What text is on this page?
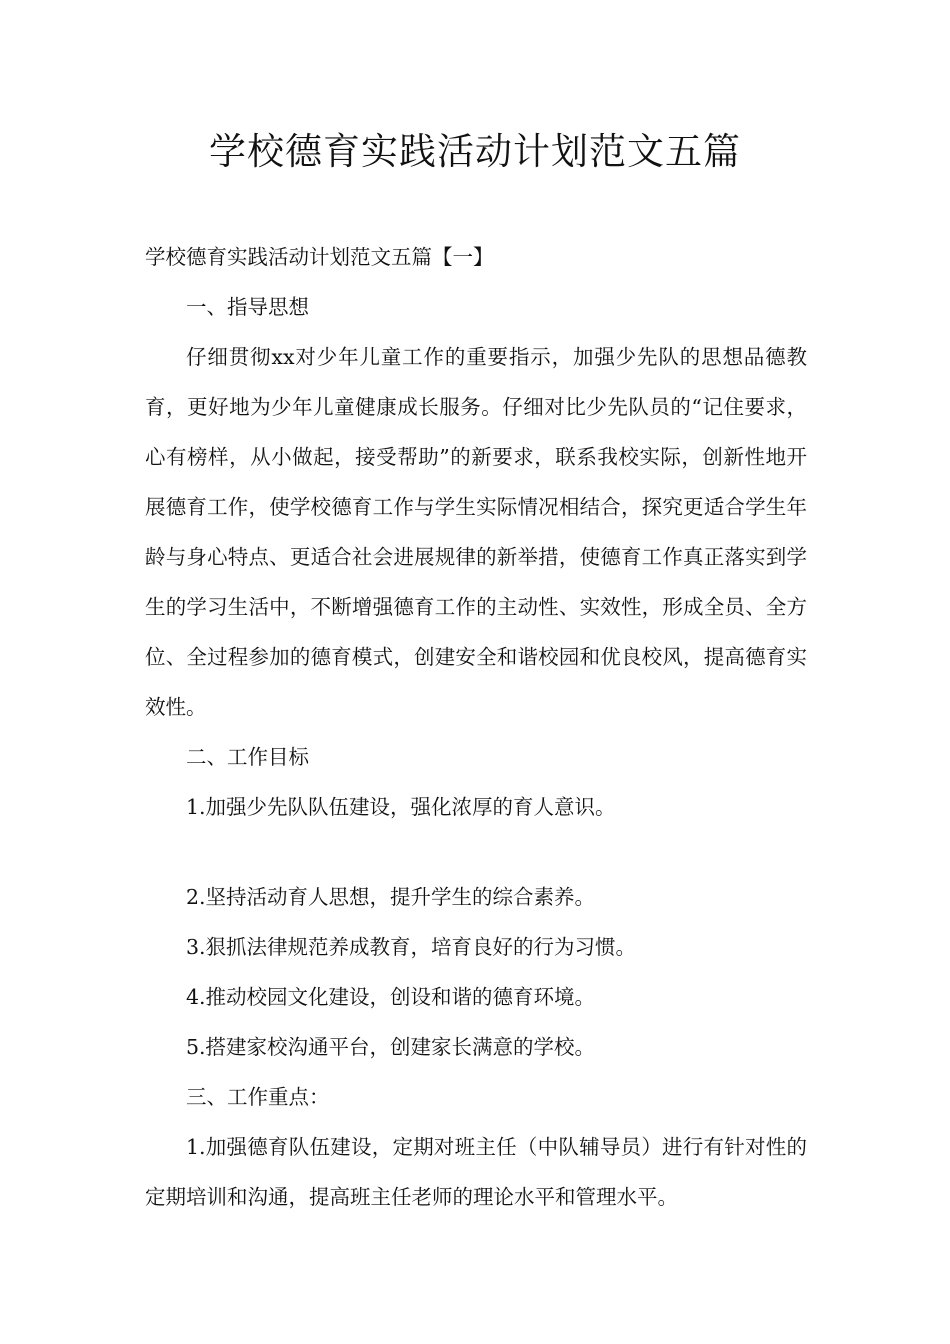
学校德育实践活动计划范文五篇

学校德育实践活动计划范文五篇【一】

一、指导思想

仔细贯彻xx对少年儿童工作的重要指示，加强少先队的思想品德教育，更好地为少年儿童健康成长服务。仔细对比少先队员的“记住要求，心有榜样，从小做起，接受帮助”的新要求，联系我校实际，创新性地开展德育工作，使学校德育工作与学生实际情况相结合，探究更适合学生年龄与身心特点、更适合社会进展规律的新举措，使德育工作真正落实到学生的学习生活中，不断增强德育工作的主动性、实效性，形成全员、全方位、全过程参加的德育模式，创建安全和谐校园和优良校风，提高德育实效性。

二、工作目标

1.加强少先队队伍建设，强化浓厚的育人意识。

2.坚持活动育人思想，提升学生的综合素养。

3.狠抓法律规范养成教育，培育良好的行为习惯。

4.推动校园文化建设，创设和谐的德育环境。

5.搭建家校沟通平台，创建家长满意的学校。

三、工作重点：

1.加强德育队伍建设，定期对班主任（中队辅导员）进行有针对性的定期培训和沟通，提高班主任老师的理论水平和管理水平。
